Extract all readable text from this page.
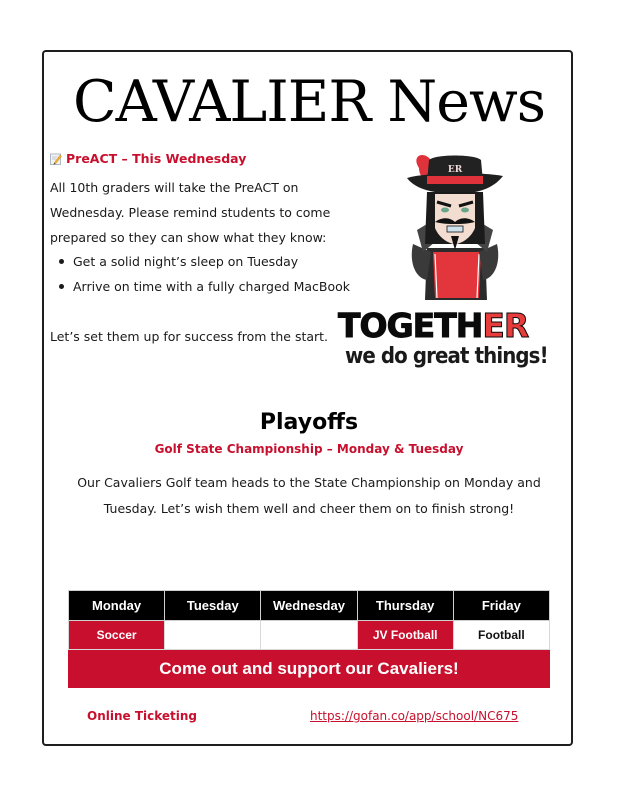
CAVALIER News
PreACT – This Wednesday
All 10th graders will take the PreACT on Wednesday. Please remind students to come prepared so they can show what they know:
Get a solid night’s sleep on Tuesday
Arrive on time with a fully charged MacBook
Let’s set them up for success from the start.
ER
TOGETHER
we do great things!
Playoffs
Golf State Championship – Monday & Tuesday
Our Cavaliers Golf team heads to the State Championship on Monday and Tuesday. Let’s wish them well and cheer them on to finish strong!
Monday	Tuesday	Wednesday	Thursday	Friday
Soccer			JV Football	Football
Come out and support our Cavaliers!				
Online Ticketing	https://gofan.co/app/school/NC675
